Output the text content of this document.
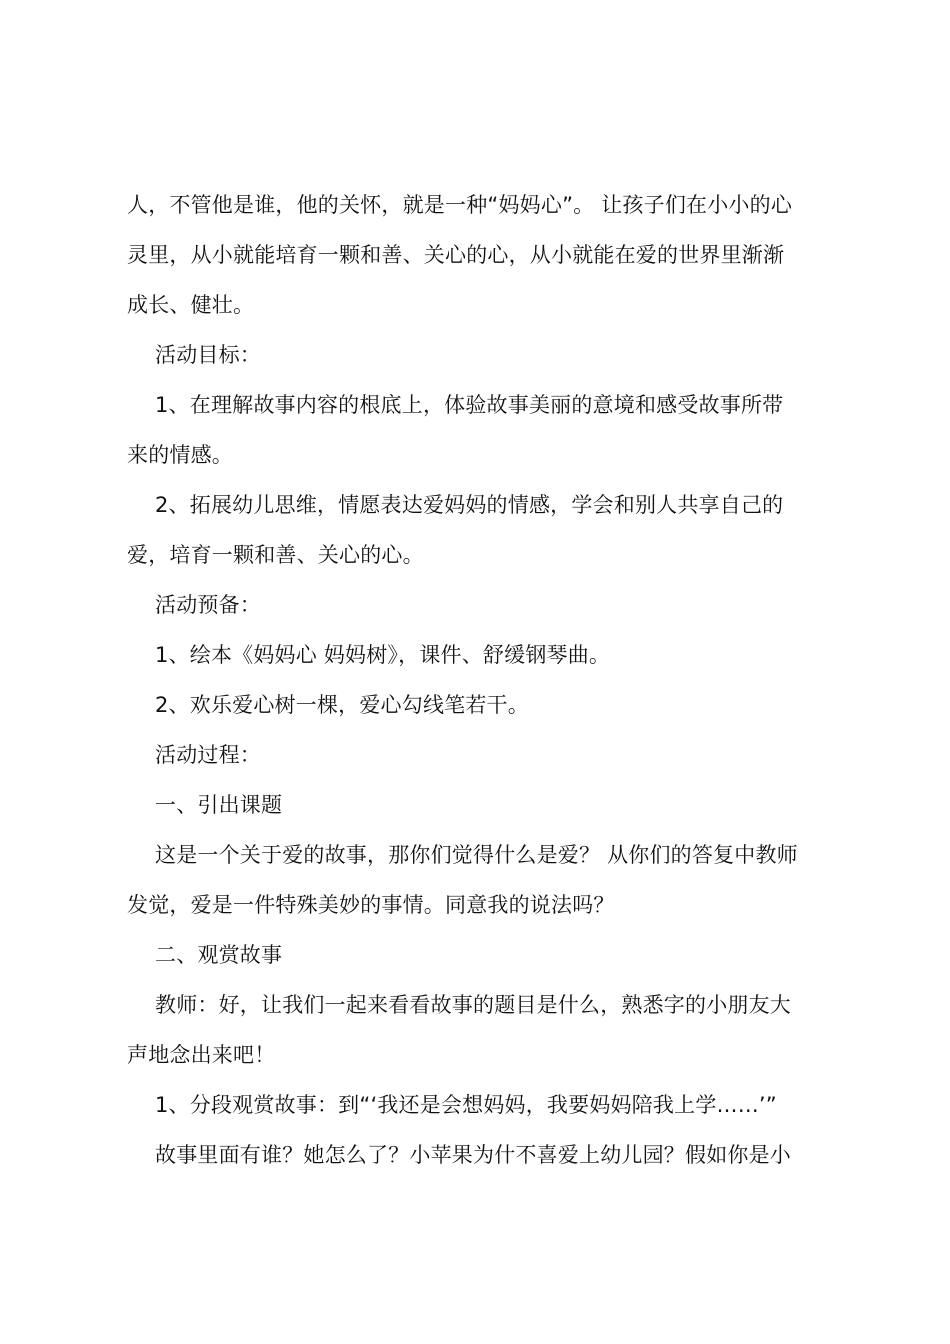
人，不管他是谁，他的关怀，就是一种“妈妈心”。 让孩子们在小小的心
灵里，从小就能培育一颗和善、关心的心，从小就能在爱的世界里渐渐
成长、健壮。
活动目标：
1、在理解故事内容的根底上，体验故事美丽的意境和感受故事所带
来的情感。
2、拓展幼儿思维，情愿表达爱妈妈的情感，学会和别人共享自己的
爱，培育一颗和善、关心的心。
活动预备：
1、绘本《妈妈心 妈妈树》，课件、舒缓钢琴曲。
2、欢乐爱心树一棵，爱心勾线笔若干。
活动过程：
一、引出课题
这是一个关于爱的故事，那你们觉得什么是爱？ 从你们的答复中教师
发觉，爱是一件特殊美妙的事情。同意我的说法吗？
二、观赏故事
教师：好，让我们一起来看看故事的题目是什么，熟悉字的小朋友大
声地念出来吧！
1、分段观赏故事：到“‘我还是会想妈妈，我要妈妈陪我上学……’”
故事里面有谁？她怎么了？小苹果为什不喜爱上幼儿园？假如你是小
